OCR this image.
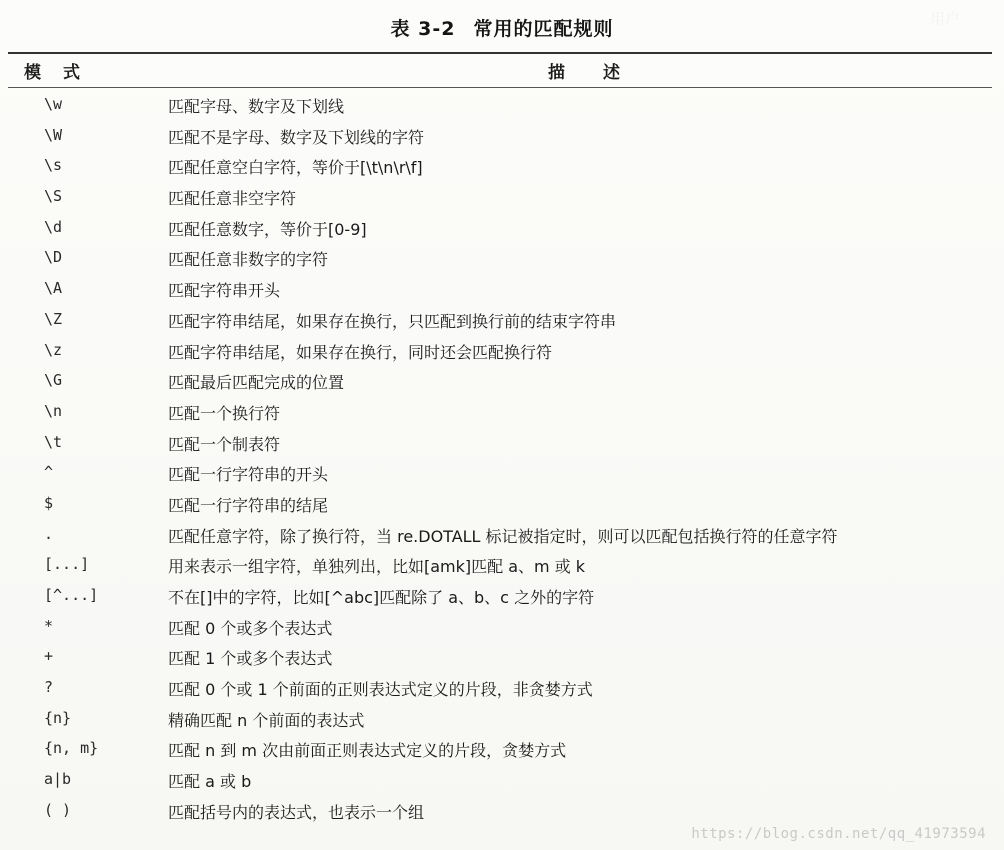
用户
表 3-2 常用的匹配规则
模式	描述
\w	匹配字母、数字及下划线
\W	匹配不是字母、数字及下划线的字符
\s	匹配任意空白字符，等价于[\t\n\r\f]
\S	匹配任意非空字符
\d	匹配任意数字，等价于[0-9]
\D	匹配任意非数字的字符
\A	匹配字符串开头
\Z	匹配字符串结尾，如果存在换行，只匹配到换行前的结束字符串
\z	匹配字符串结尾，如果存在换行，同时还会匹配换行符
\G	匹配最后匹配完成的位置
\n	匹配一个换行符
\t	匹配一个制表符
^	匹配一行字符串的开头
$	匹配一行字符串的结尾
.	匹配任意字符，除了换行符，当 re.DOTALL 标记被指定时，则可以匹配包括换行符的任意字符
[...]	用来表示一组字符，单独列出，比如[amk]匹配 a、m 或 k
[^...]	不在[]中的字符，比如[^abc]匹配除了 a、b、c 之外的字符
*	匹配 0 个或多个表达式
+	匹配 1 个或多个表达式
?	匹配 0 个或 1 个前面的正则表达式定义的片段，非贪婪方式
{n}	精确匹配 n 个前面的表达式
{n, m}	匹配 n 到 m 次由前面正则表达式定义的片段，贪婪方式
a|b	匹配 a 或 b
( )	匹配括号内的表达式，也表示一个组
https://blog.csdn.net/qq_41973594
